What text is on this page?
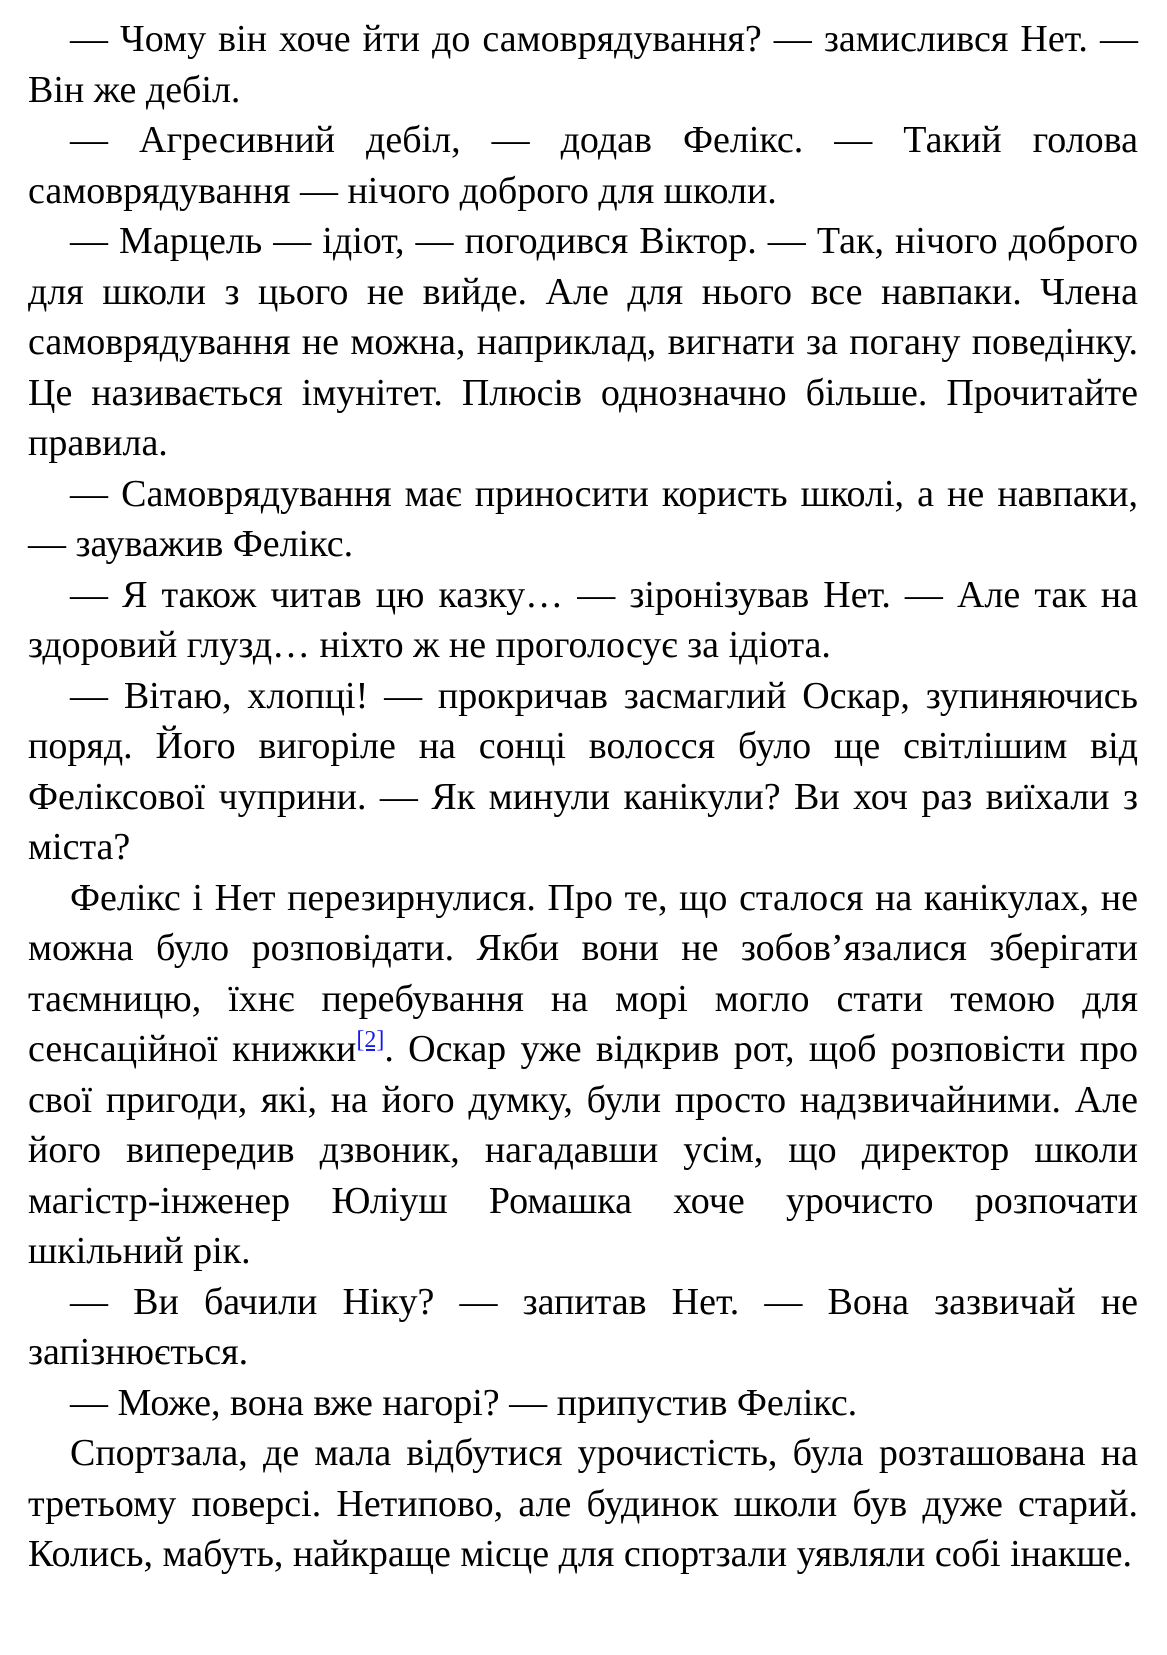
— Чому він хоче йти до самоврядування? — замислився Нет. — Він же дебіл.

— Агресивний дебіл, — додав Фелікс. — Такий голова самоврядування — нічого доброго для школи.

— Марцель — ідіот, — погодився Віктор. — Так, нічого доброго для школи з цього не вийде. Але для нього все навпаки. Члена самоврядування не можна, наприклад, вигнати за погану поведінку. Це називається імунітет. Плюсів однозначно більше. Прочитайте правила.

— Самоврядування має приносити користь школі, а не навпаки, — зауважив Фелікс.

— Я також читав цю казку… — зіронізував Нет. — Але так на здоровий глузд… ніхто ж не проголосує за ідіота.

— Вітаю, хлопці! — прокричав засмаглий Оскар, зупиняючись поряд. Його вигоріле на сонці волосся було ще світлішим від Феліксової чуприни. — Як минули канікули? Ви хоч раз виїхали з міста?

Фелікс і Нет перезирнулися. Про те, що сталося на канікулах, не можна було розповідати. Якби вони не зобов’язалися зберігати таємницю, їхнє перебування на морі могло стати темою для сенсаційної книжки[2]. Оскар уже відкрив рот, щоб розповісти про свої пригоди, які, на його думку, були просто надзвичайними. Але його випередив дзвоник, нагадавши усім, що директор школи магістр-інженер Юліуш Ромашка хоче урочисто розпочати шкільний рік.

— Ви бачили Ніку? — запитав Нет. — Вона зазвичай не запізнюється.

— Може, вона вже нагорі? — припустив Фелікс.

Спортзала, де мала відбутися урочистість, була розташована на третьому поверсі. Нетипово, але будинок школи був дуже старий. Колись, мабуть, найкраще місце для спортзали уявляли собі інакше.
